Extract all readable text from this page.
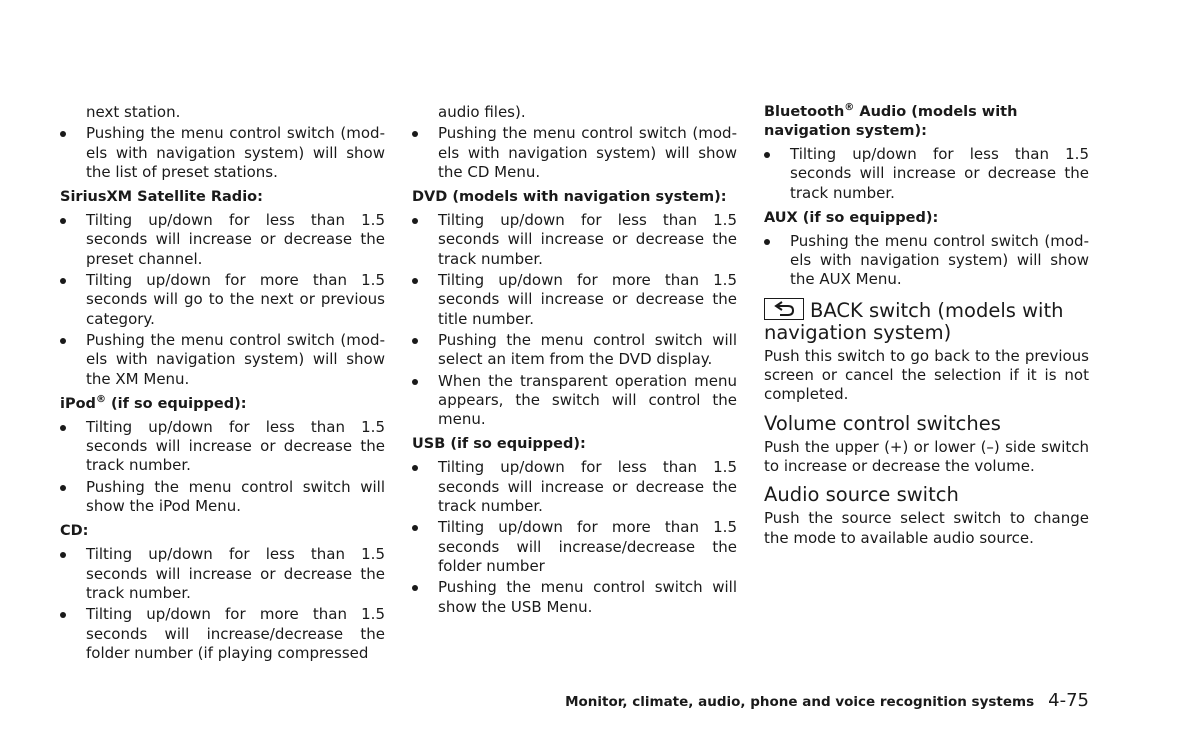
next station.

Pushing the menu control switch (mod- els with navigation system) will show the list of preset stations.
SiriusXM Satellite Radio:
Tilting up/down for less than 1.5 seconds will increase or decrease the preset channel.
Tilting up/down for more than 1.5 seconds will go to the next or previous category.
Pushing the menu control switch (mod- els with navigation system) will show the XM Menu.
iPod® (if so equipped):
Tilting up/down for less than 1.5 seconds will increase or decrease the track number.
Pushing the menu control switch will show the iPod Menu.
CD:
Tilting up/down for less than 1.5 seconds will increase or decrease the track number.
Tilting up/down for more than 1.5 seconds will increase/decrease the folder number (if playing compressed

audio files).

Pushing the menu control switch (mod- els with navigation system) will show the CD Menu.
DVD (models with navigation system):
Tilting up/down for less than 1.5 seconds will increase or decrease the track number.
Tilting up/down for more than 1.5 seconds will increase or decrease the title number.
Pushing the menu control switch will select an item from the DVD display.
When the transparent operation menu appears, the switch will control the menu.
USB (if so equipped):
Tilting up/down for less than 1.5 seconds will increase or decrease the track number.
Tilting up/down for more than 1.5 seconds will increase/decrease the folder number
Pushing the menu control switch will show the USB Menu.
Bluetooth® Audio (models with navigation system):
Tilting up/down for less than 1.5 seconds will increase or decrease the track number.
AUX (if so equipped):
Pushing the menu control switch (mod- els with navigation system) will show the AUX Menu.
BACK switch (models with navigation system)

Push this switch to go back to the previous screen or cancel the selection if it is not completed.

Volume control switches

Push the upper (+) or lower (–) side switch to increase or decrease the volume.

Audio source switch

Push the source select switch to change the mode to available audio source.

Monitor, climate, audio, phone and voice recognition systems 4-75
